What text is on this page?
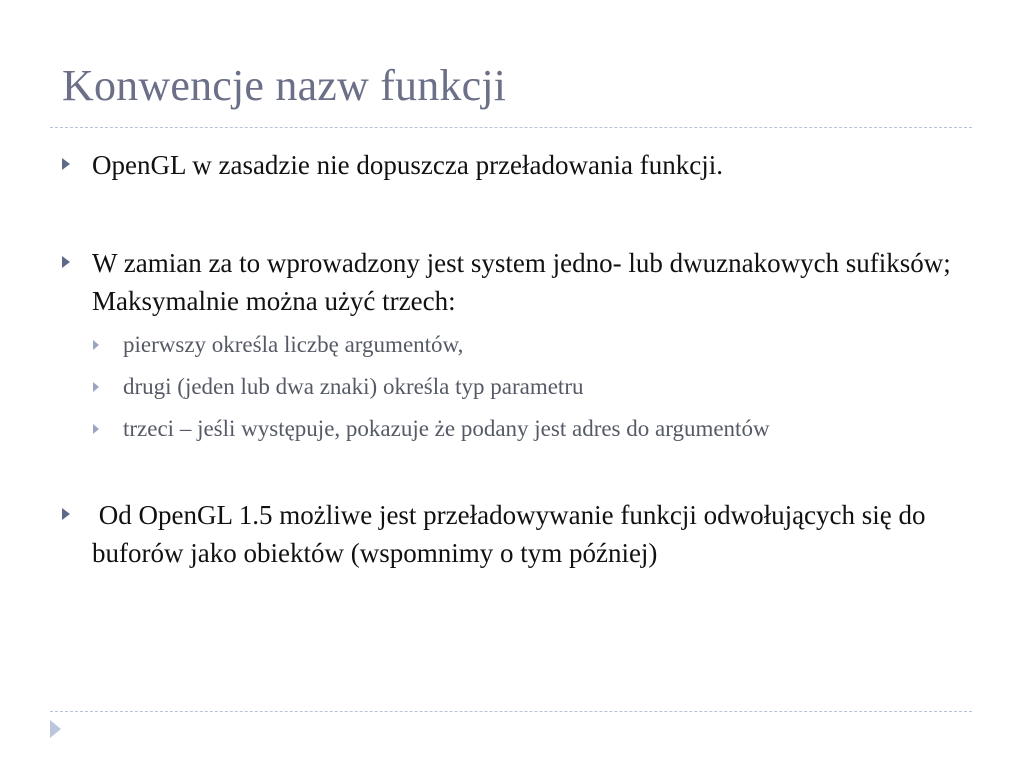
Konwencje nazw funkcji
OpenGL w zasadzie nie dopuszcza przeładowania funkcji.
W zamian za to wprowadzony jest system jedno- lub dwuznakowych sufiksów; Maksymalnie można użyć trzech:
pierwszy określa liczbę argumentów,
drugi (jeden lub dwa znaki) określa typ parametru
trzeci – jeśli występuje, pokazuje że podany jest adres do argumentów
Od OpenGL 1.5 możliwe jest przeładowywanie funkcji odwołujących się do buforów jako obiektów (wspomnimy o tym później)
